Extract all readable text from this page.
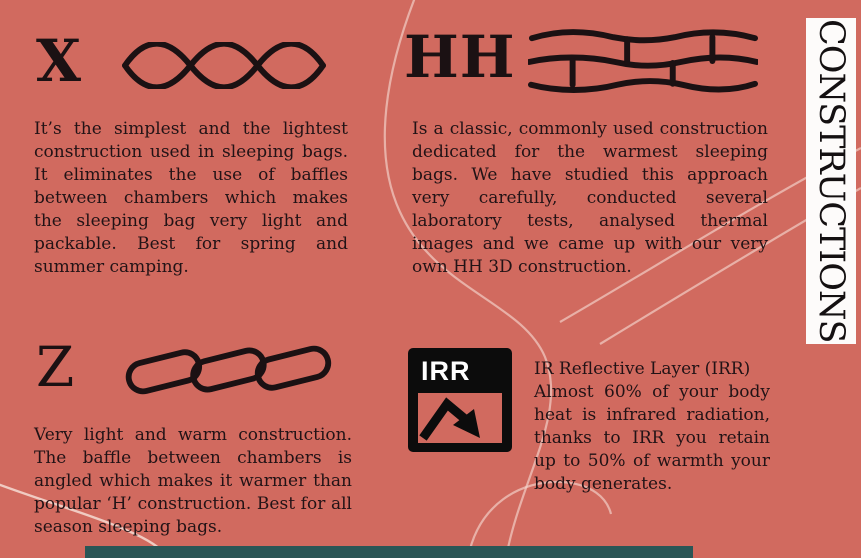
X

It’s the simplest and the lightest construction used in sleeping bags. It eliminates the use of baffles between chambers which makes the sleeping bag very light and packable. Best for spring and summer camping.

HH

Is a classic, commonly used construction dedicated for the warmest sleeping bags. We have studied this approach very carefully, conducted several laboratory tests, analysed thermal images and we came up with our very own HH 3D construction.

Z

Very light and warm construction. The baffle between chambers is angled which makes it warmer than popular ‘H’ construction. Best for all season sleeping bags.

IRR	IR Reflective Layer (IRR)
Almost 60% of your body heat is infrared radiation, thanks to IRR you retain up to 50% of warmth your body generates.

CONSTRUCTIONS
